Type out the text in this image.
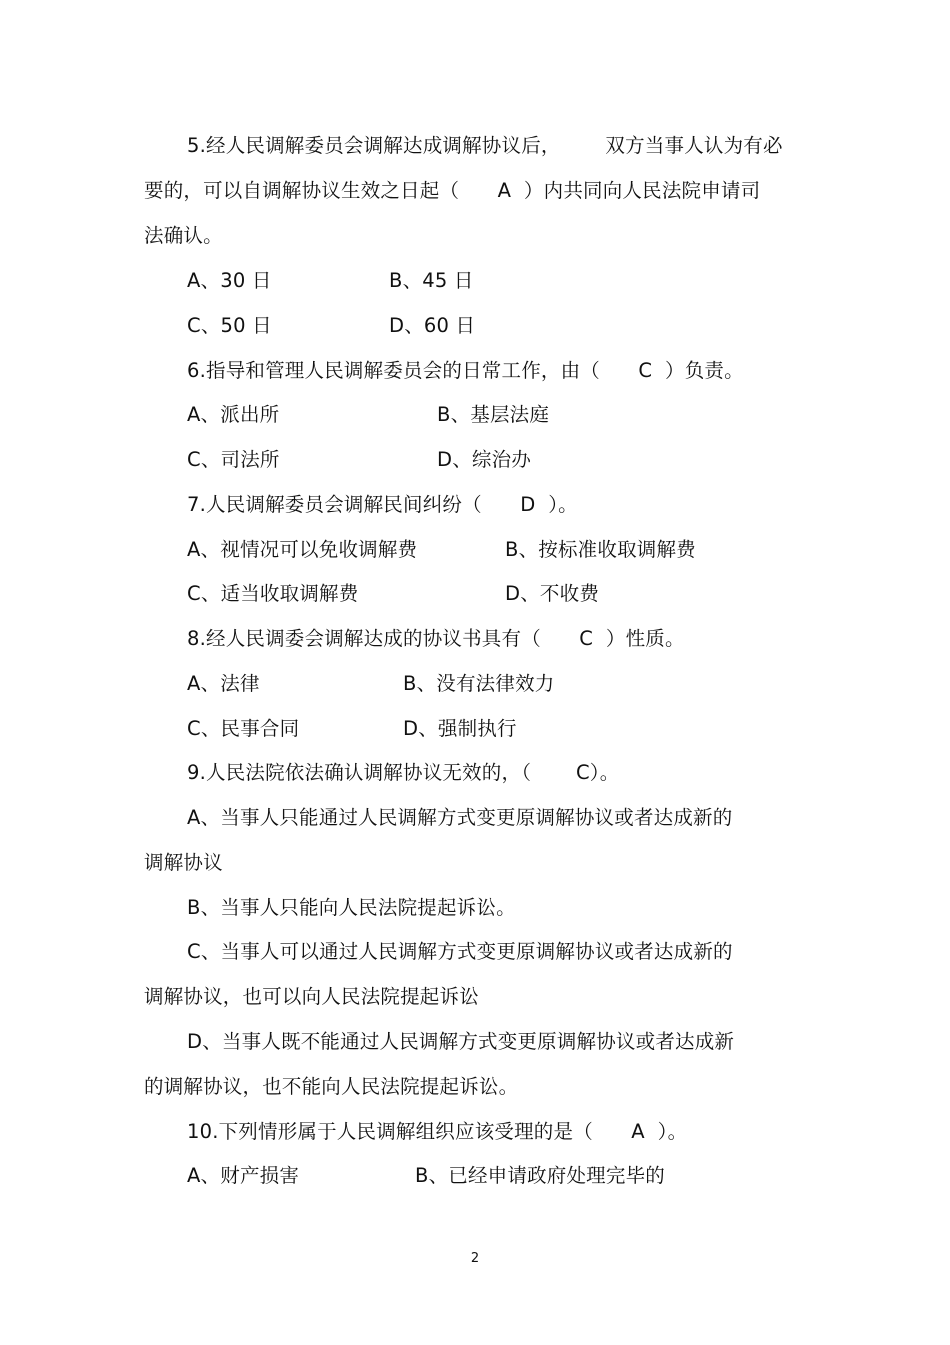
5.经人民调解委员会调解达成调解协议后，       双方当事人认为有必
要的，可以自调解协议生效之日起（      A  ）内共同向人民法院申请司
法确认。
A、30 日	B、45 日
C、50 日	D、60 日
6.指导和管理人民调解委员会的日常工作，由（      C  ）负责。
A、派出所	B、基层法庭
C、司法所	D、综治办
7.人民调解委员会调解民间纠纷（      D  ）。
A、视情况可以免收调解费	B、按标准收取调解费
C、适当收取调解费	D、不收费
8.经人民调委会调解达成的协议书具有（      C  ）性质。
A、法律	B、没有法律效力
C、民事合同	D、强制执行
9.人民法院依法确认调解协议无效的，（       C）。
A、当事人只能通过人民调解方式变更原调解协议或者达成新的
调解协议
B、当事人只能向人民法院提起诉讼。
C、当事人可以通过人民调解方式变更原调解协议或者达成新的
调解协议，也可以向人民法院提起诉讼
D、当事人既不能通过人民调解方式变更原调解协议或者达成新
的调解协议，也不能向人民法院提起诉讼。
10.下列情形属于人民调解组织应该受理的是（      A  ）。
A、财产损害	B、已经申请政府处理完毕的
2
